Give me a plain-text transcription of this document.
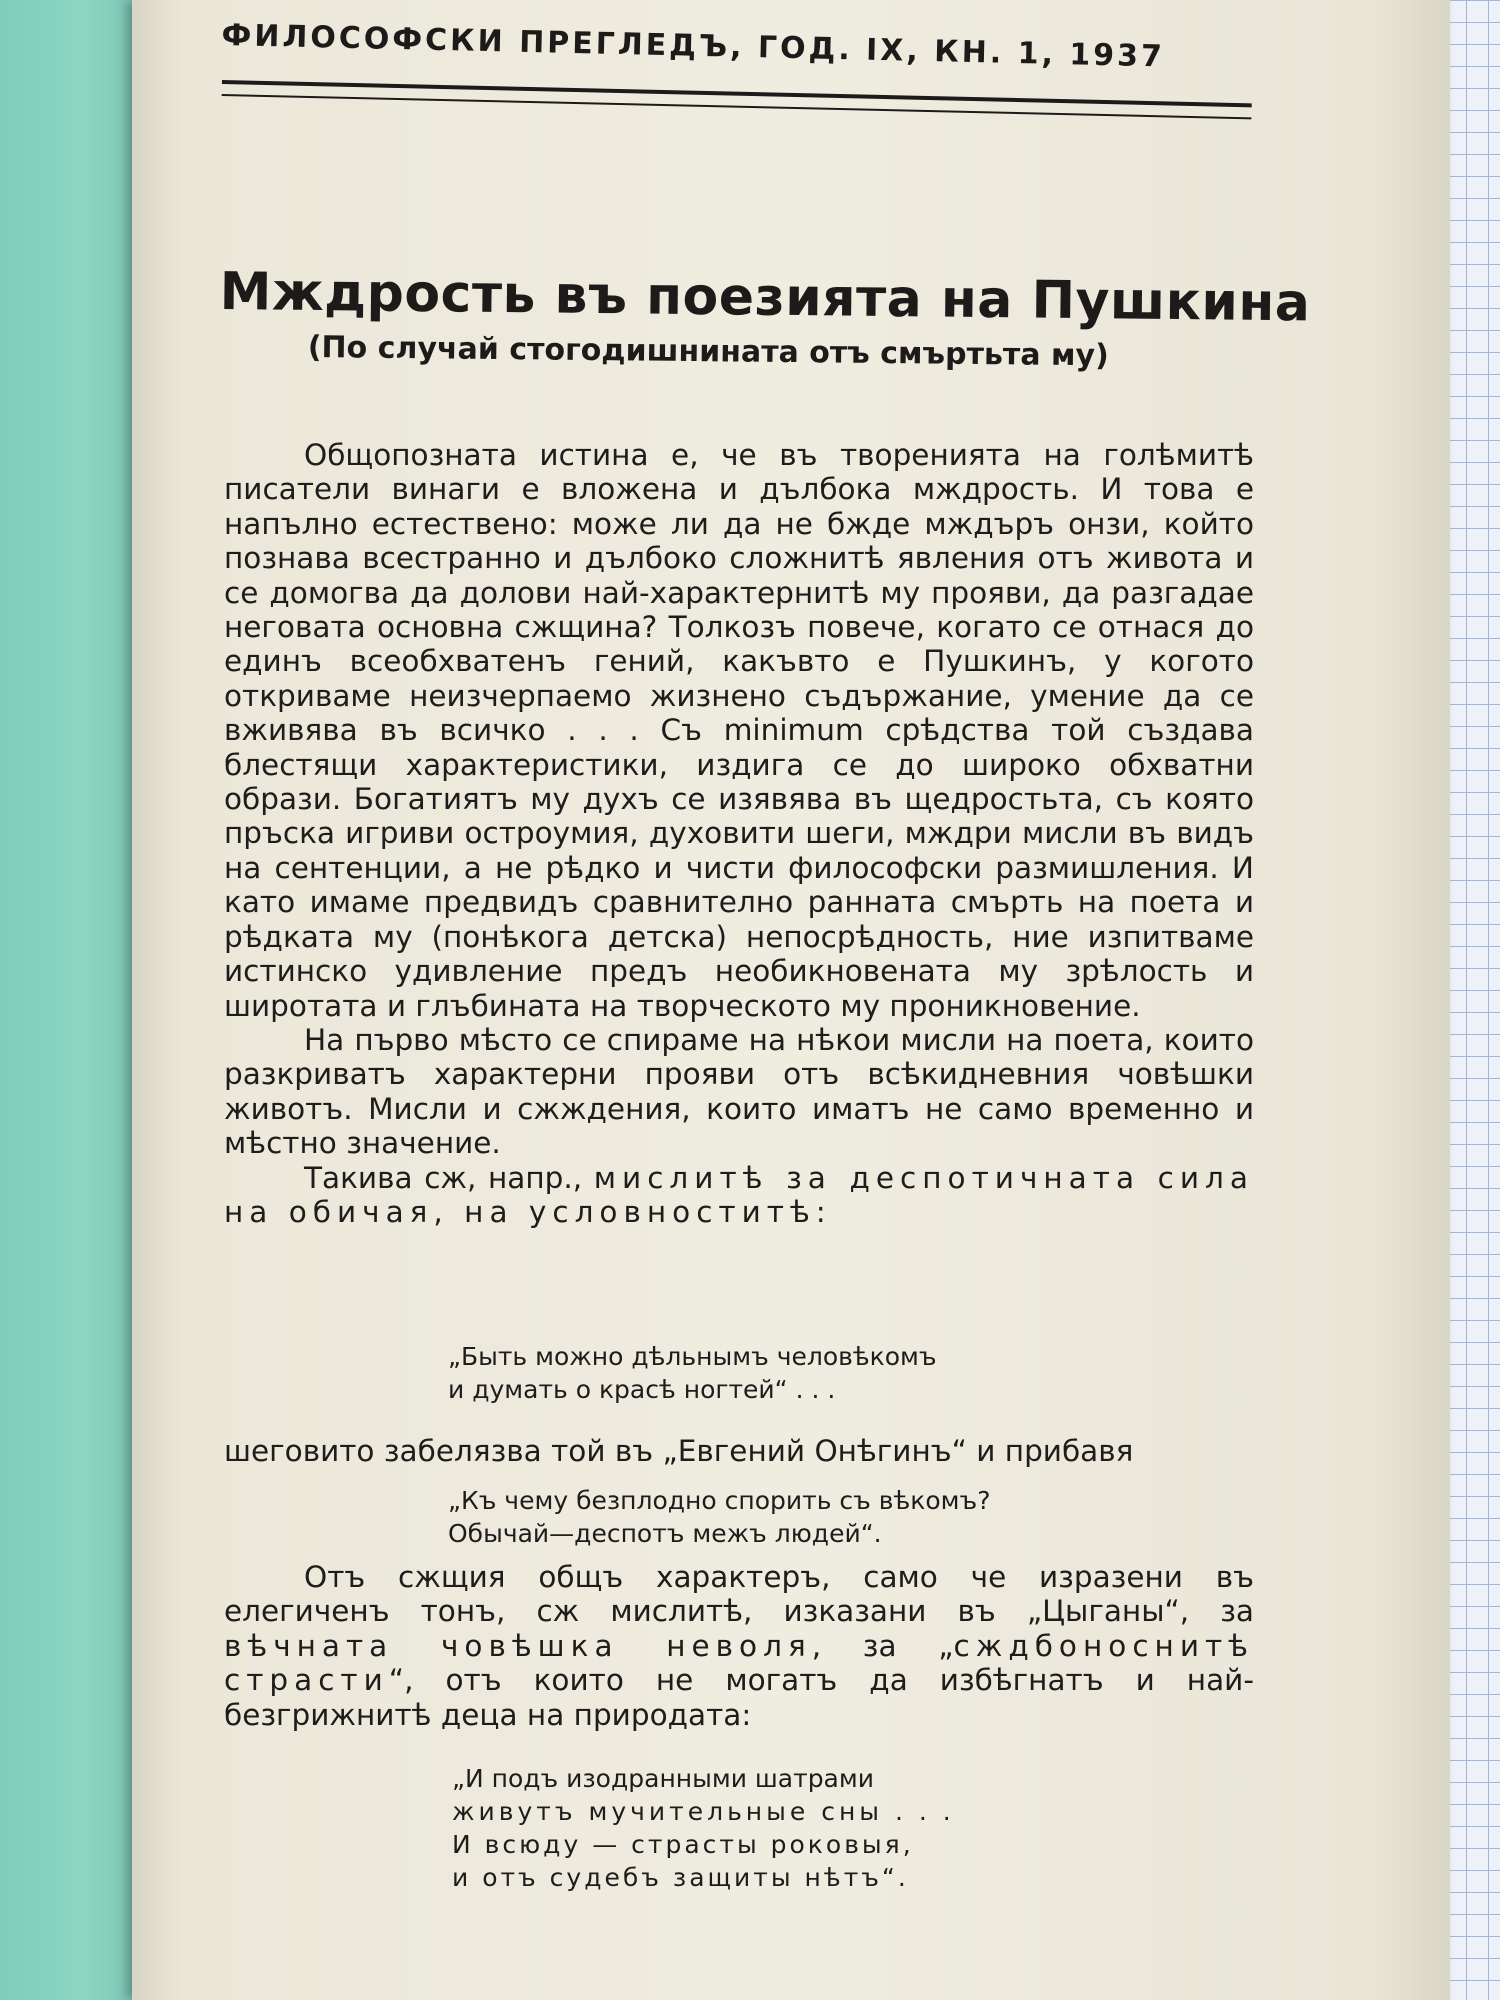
ФИЛОСОФСКИ ПРЕГЛЕДЪ, ГОД. IX, КН. 1, 1937
Мждрость въ поезията на Пушкина
(По случай стогодишнината отъ смъртьта му)

Общопозната истина е, че въ творенията на голѣмитѣ писатели винаги е вложена и дълбока мждрость. И това е напълно естествено: може ли да не бжде мждъръ онзи, който познава всестранно и дълбоко сложнитѣ явления отъ живота и се домогва да долови най-характернитѣ му прояви, да разгадае неговата основна сжщина? Толкозъ повече, когато се отнася до единъ всеобхватенъ гений, какъвто е Пушкинъ, у когото откриваме неизчерпаемо жизнено съдържание, умение да се вживява въ всичко . . . Съ minimum срѣдства той създава блестящи характеристики, издига се до широко обхватни образи. Богатиятъ му духъ се изявява въ щедростьта, съ която пръска игриви остроумия, духовити шеги, мждри мисли въ видъ на сентенции, а не рѣдко и чисти философски размишления. И като имаме предвидъ сравнително ранната смърть на поета и рѣдката му (понѣкога детска) непосрѣдность, ние изпитваме истинско удивление предъ необикновената му зрѣлость и широтата и глъбината на творческото му проникновение.

На първо мѣсто се спираме на нѣкои мисли на поета, които разкриватъ характерни прояви отъ всѣкидневния човѣшки животъ. Мисли и сжждения, които иматъ не само временно и мѣстно значение.

Такива сж, напр., мислитѣ за деспотичната сила на обичая, на условноститѣ:

„Быть можно дѣльнымъ человѣкомъ
и думать о красѣ ногтей“ . . .

шеговито забелязва той въ „Евгений Онѣгинъ“ и прибавя

„Къ чему безплодно спорить съ вѣкомъ?
Обычай—деспотъ межъ людей“.

Отъ сжщия общъ характеръ, само че изразени въ елегиченъ тонъ, сж мислитѣ, изказани въ „Цыганы“, за вѣчната човѣшка неволя, за „сждбоноснитѣ страсти“, отъ които не могатъ да избѣгнатъ и най-безгрижнитѣ деца на природата:

„И подъ изодранными шатрами
живутъ мучительные сны . . .
И всюду — страсты роковыя,
и отъ судебъ защиты нѣтъ“.
